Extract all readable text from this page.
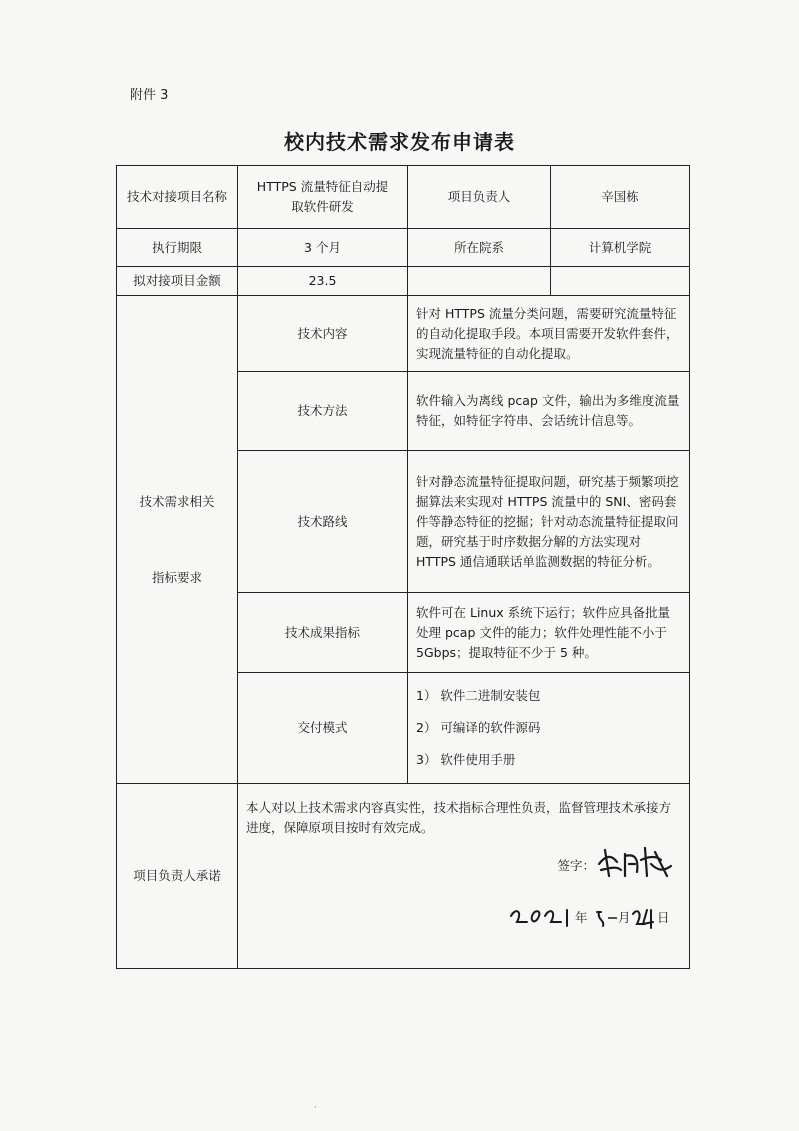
附件 3
校内技术需求发布申请表
技术对接项目名称	HTTPS 流量特征自动提取软件研发	项目负责人	辛国栋
执行期限	3 个月	所在院系	计算机学院
拟对接项目金额	23.5		

技术需求相关
指标要求	技术内容	针对 HTTPS 流量分类问题，需要研究流量特征的自动化提取手段。本项目需要开发软件套件，实现流量特征的自动化提取。	
	技术方法	软件输入为离线 pcap 文件，输出为多维度流量特征，如特征字符串、会话统计信息等。	
	技术路线	针对静态流量特征提取问题，研究基于频繁项挖掘算法来实现对 HTTPS 流量中的 SNI、密码套件等静态特征的挖掘；针对动态流量特征提取问题，研究基于时序数据分解的方法实现对 HTTPS 通信通联话单监测数据的特征分析。	
	技术成果指标	软件可在 Linux 系统下运行；软件应具备批量处理 pcap 文件的能力；软件处理性能不小于 5Gbps；提取特征不少于 5 种。	
	交付模式	1） 软件二进制安装包

2） 可编译的软件源码

3） 软件使用手册	

项目负责人承诺	本人对以上技术需求内容真实性，技术指标合理性负责，监督管理技术承接方进度，保障原项目按时有效完成。
签字：
年 月 日		
·
